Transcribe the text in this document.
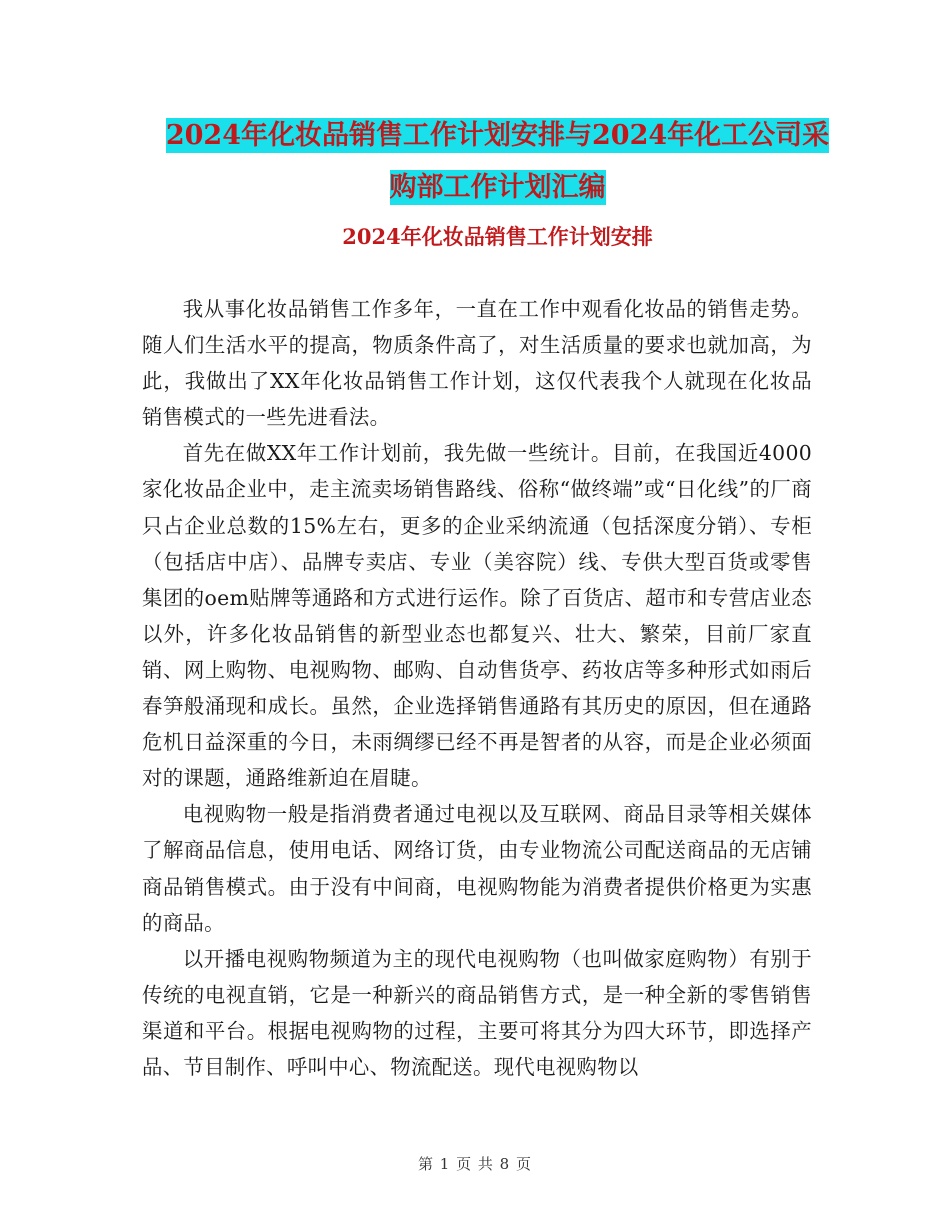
2024年化妆品销售工作计划安排与2024年化工公司采
购部工作计划汇编
2024年化妆品销售工作计划安排

我从事化妆品销售工作多年，一直在工作中观看化妆品的销售走势。随人们生活水平的提高，物质条件高了，对生活质量的要求也就加高，为此，我做出了XX年化妆品销售工作计划，这仅代表我个人就现在化妆品销售模式的一些先进看法。

首先在做XX年工作计划前，我先做一些统计。目前，在我国近4000家化妆品企业中，走主流卖场销售路线、俗称“做终端”或“日化线”的厂商只占企业总数的15%左右，更多的企业采纳流通（包括深度分销）、专柜（包括店中店）、品牌专卖店、专业（美容院）线、专供大型百货或零售集团的oem贴牌等通路和方式进行运作。除了百货店、超市和专营店业态以外，许多化妆品销售的新型业态也都复兴、壮大、繁荣，目前厂家直销、网上购物、电视购物、邮购、自动售货亭、药妆店等多种形式如雨后春笋般涌现和成长。虽然，企业选择销售通路有其历史的原因，但在通路危机日益深重的今日，未雨绸缪已经不再是智者的从容，而是企业必须面对的课题，通路维新迫在眉睫。

电视购物一般是指消费者通过电视以及互联网、商品目录等相关媒体了解商品信息，使用电话、网络订货，由专业物流公司配送商品的无店铺商品销售模式。由于没有中间商，电视购物能为消费者提供价格更为实惠的商品。

以开播电视购物频道为主的现代电视购物（也叫做家庭购物）有别于传统的电视直销，它是一种新兴的商品销售方式，是一种全新的零售销售渠道和平台。根据电视购物的过程，主要可将其分为四大环节，即选择产品、节目制作、呼叫中心、物流配送。现代电视购物以

第 1 页 共 8 页
